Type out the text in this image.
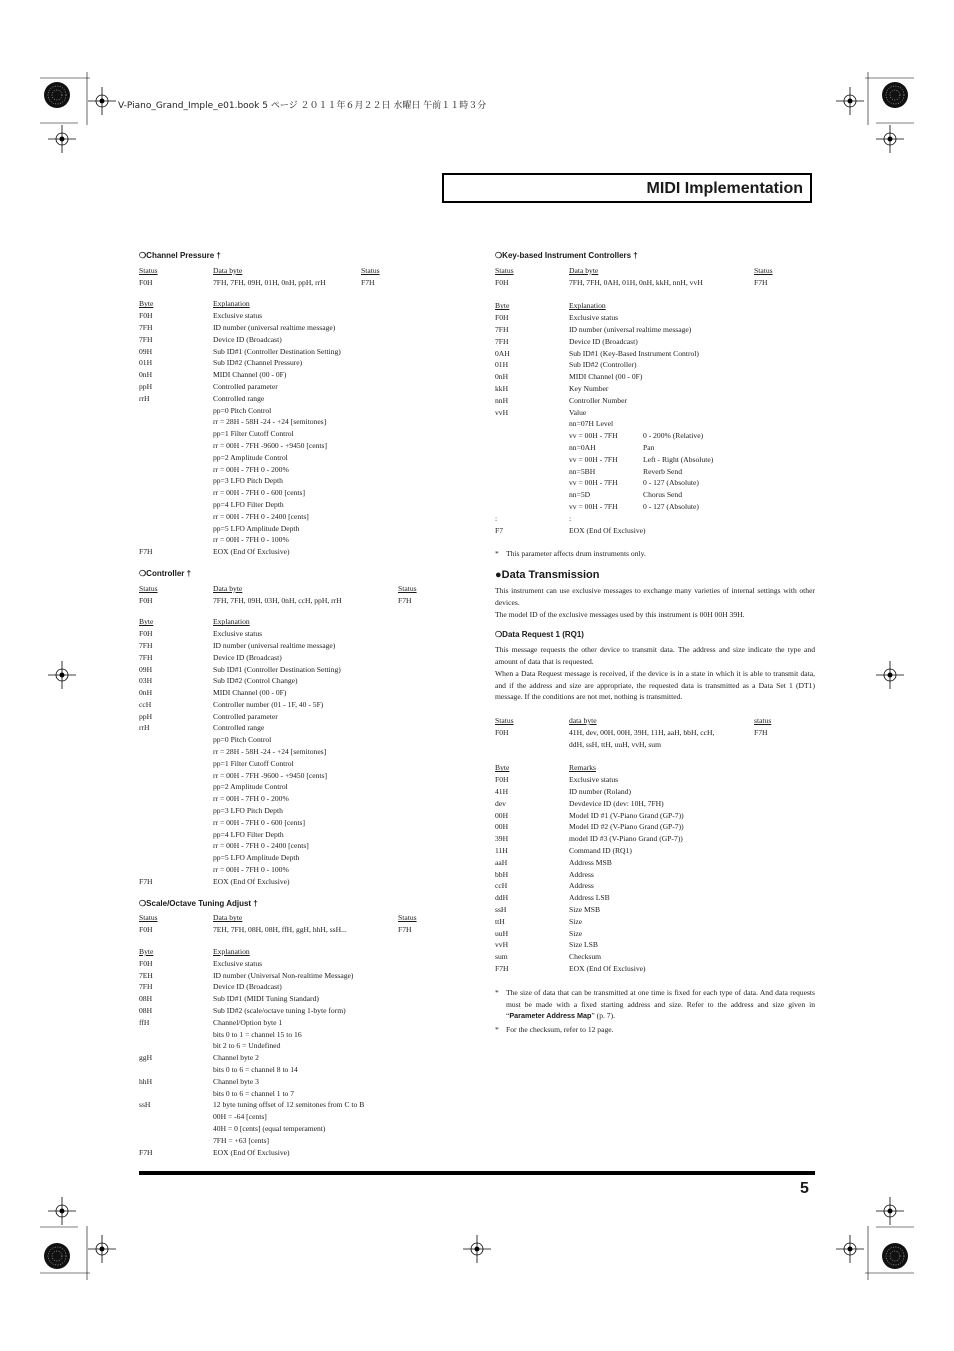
V-Piano_Grand_Imple_e01.book 5 ページ ２０１１年６月２２日 水曜日 午前１１時３分
MIDI Implementation
❍Channel Pressure †
Status	Data byte	Status
F0H	7FH, 7FH, 09H, 01H, 0nH, ppH, rrH	F7H
Byte	Explanation
F0H	Exclusive status
7FH	ID number (universal realtime message)
7FH	Device ID (Broadcast)
09H	Sub ID#1 (Controller Destination Setting)
01H	Sub ID#2 (Channel Pressure)
0nH	MIDI Channel (00 - 0F)
ppH	Controlled parameter
rrH	Controlled range
pp=0 Pitch Control
rr = 28H - 58H -24 - +24 [semitones]
pp=1 Filter Cutoff Control
rr = 00H - 7FH -9600 - +9450 [cents]
pp=2 Amplitude Control
rr = 00H - 7FH 0 - 200%
pp=3 LFO Pitch Depth
rr = 00H - 7FH 0 - 600 [cents]
pp=4 LFO Filter Depth
rr = 00H - 7FH 0 - 2400 [cents]
pp=5 LFO Amplitude Depth
rr = 00H - 7FH 0 - 100%
F7H	EOX (End Of Exclusive)
❍Controller †
Status	Data byte	Status
F0H	7FH, 7FH, 09H, 03H, 0nH, ccH, ppH, rrH	F7H
Byte	Explanation
F0H	Exclusive status
7FH	ID number (universal realtime message)
7FH	Device ID (Broadcast)
09H	Sub ID#1 (Controller Destination Setting)
03H	Sub ID#2 (Control Change)
0nH	MIDI Channel (00 - 0F)
ccH	Controller number (01 - 1F, 40 - 5F)
ppH	Controlled parameter
rrH	Controlled range
pp=0 Pitch Control
rr = 28H - 58H -24 - +24 [semitones]
pp=1 Filter Cutoff Control
rr = 00H - 7FH -9600 - +9450 [cents]
pp=2 Amplitude Control
rr = 00H - 7FH 0 - 200%
pp=3 LFO Pitch Depth
rr = 00H - 7FH 0 - 600 [cents]
pp=4 LFO Filter Depth
rr = 00H - 7FH 0 - 2400 [cents]
pp=5 LFO Amplitude Depth
rr = 00H - 7FH 0 - 100%
F7H	EOX (End Of Exclusive)
❍Scale/Octave Tuning Adjust †
Status	Data byte	Status
F0H	7EH, 7FH, 08H, 08H, ffH, ggH, hhH, ssH...	F7H
Byte	Explanation
F0H	Exclusive status
7EH	ID number (Universal Non-realtime Message)
7FH	Device ID (Broadcast)
08H	Sub ID#1 (MIDI Tuning Standard)
08H	Sub ID#2 (scale/octave tuning 1-byte form)
ffH	Channel/Option byte 1
bits 0 to 1 = channel 15 to 16
bit 2 to 6 = Undefined
ggH	Channel byte 2
bits 0 to 6 = channel 8 to 14
hhH	Channel byte 3
bits 0 to 6 = channel 1 to 7
ssH	12 byte tuning offset of 12 semitones from C to B
00H = -64 [cents]
40H = 0 [cents] (equal temperament)
7FH = +63 [cents]
F7H	EOX (End Of Exclusive)
❍Key-based Instrument Controllers †
Status	Data byte	Status
F0H	7FH, 7FH, 0AH, 01H, 0nH, kkH, nnH, vvH	F7H
Byte	Explanation
F0H	Exclusive status
7FH	ID number (universal realtime message)
7FH	Device ID (Broadcast)
0AH	Sub ID#1 (Key-Based Instrument Control)
01H	Sub ID#2 (Controller)
0nH	MIDI Channel (00 - 0F)
kkH	Key Number
nnH	Controller Number
vvH	Value
nn=07H Level
vv = 00H - 7FH	0 - 200% (Relative)
nn=0AH	Pan
vv = 00H - 7FH	Left - Right (Absolute)
nn=5BH	Reverb Send
vv = 00H - 7FH	0 - 127 (Absolute)
nn=5D	Chorus Send
vv = 00H - 7FH	0 - 127 (Absolute)
:	:
F7	EOX (End Of Exclusive)
* This parameter affects drum instruments only.
●Data Transmission
This instrument can use exclusive messages to exchange many varieties of internal settings with other devices.
The model ID of the exclusive messages used by this instrument is 00H 00H 39H.
❍Data Request 1 (RQ1)
This message requests the other device to transmit data. The address and size indicate the type and amount of data that is requested.
When a Data Request message is received, if the device is in a state in which it is able to transmit data, and if the address and size are appropriate, the requested data is transmitted as a Data Set 1 (DT1) message. If the conditions are not met, nothing is transmitted.
Status	data byte	status
F0H	41H, dev, 00H, 00H, 39H, 11H, aaH, bbH, ccH,	F7H
ddH, ssH, ttH, uuH, vvH, sum
Byte	Remarks
F0H	Exclusive status
41H	ID number (Roland)
dev	Devdevice ID (dev: 10H, 7FH)
00H	Model ID #1 (V-Piano Grand (GP-7))
00H	Model ID #2 (V-Piano Grand (GP-7))
39H	model ID #3 (V-Piano Grand (GP-7))
11H	Command ID (RQ1)
aaH	Address MSB
bbH	Address
ccH	Address
ddH	Address LSB
ssH	Size MSB
ttH	Size
uuH	Size
vvH	Size LSB
sum	Checksum
F7H	EOX (End Of Exclusive)
* The size of data that can be transmitted at one time is fixed for each type of data. And data requests must be made with a fixed starting address and size. Refer to the address and size given in “Parameter Address Map” (p. 7).
* For the checksum, refer to 12 page.
5
